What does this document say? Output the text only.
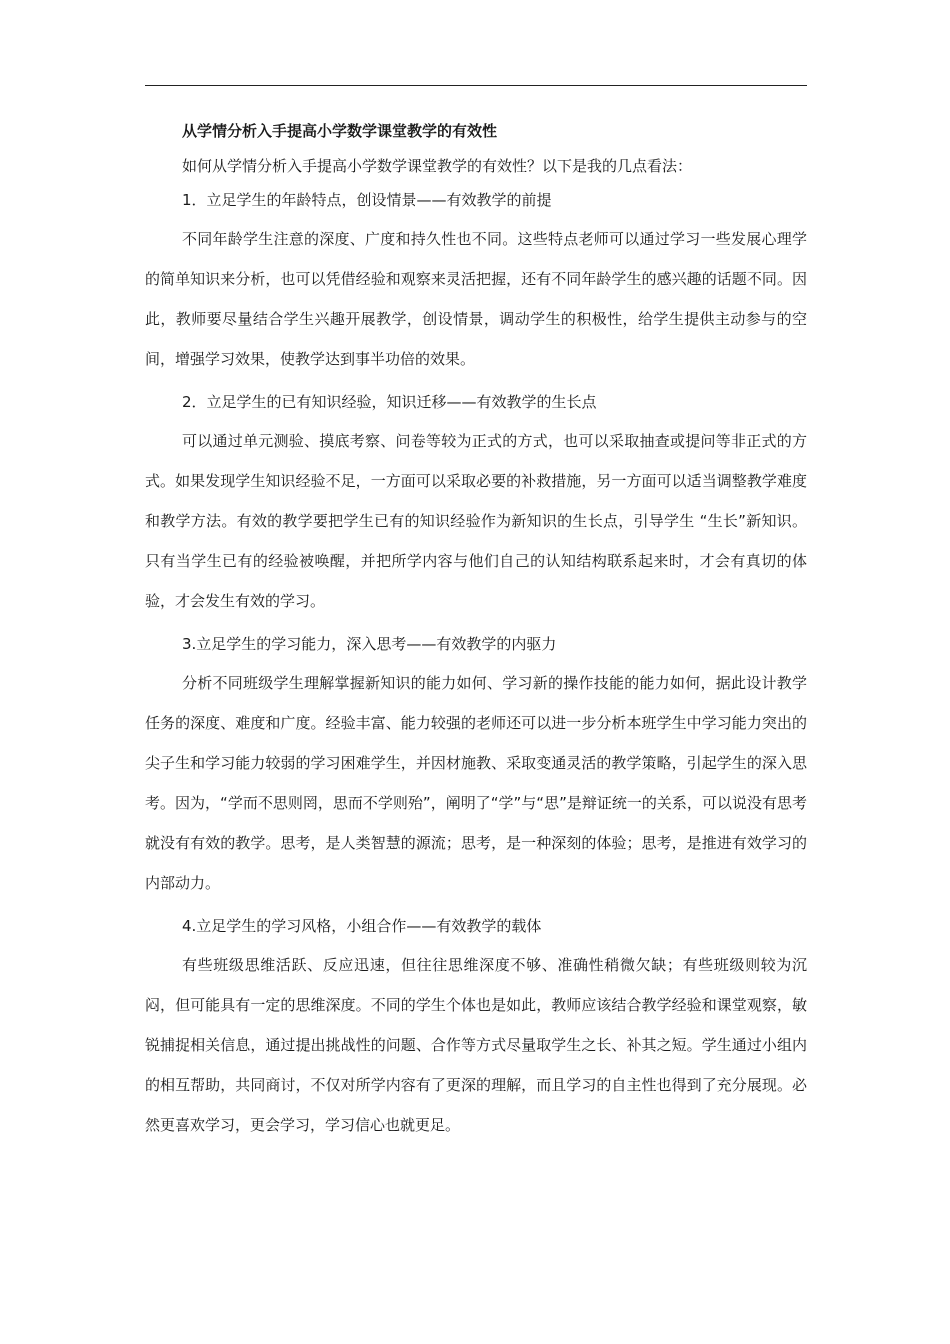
从学情分析入手提高小学数学课堂教学的有效性

如何从学情分析入手提高小学数学课堂教学的有效性？以下是我的几点看法：

1．立足学生的年龄特点，创设情景——有效教学的前提

不同年龄学生注意的深度、广度和持久性也不同。这些特点老师可以通过学习一些发展心理学的简单知识来分析，也可以凭借经验和观察来灵活把握，还有不同年龄学生的感兴趣的话题不同。因此，教师要尽量结合学生兴趣开展教学，创设情景，调动学生的积极性，给学生提供主动参与的空间，增强学习效果，使教学达到事半功倍的效果。

2．立足学生的已有知识经验，知识迁移——有效教学的生长点

可以通过单元测验、摸底考察、问卷等较为正式的方式，也可以采取抽查或提问等非正式的方式。如果发现学生知识经验不足，一方面可以采取必要的补救措施，另一方面可以适当调整教学难度和教学方法。有效的教学要把学生已有的知识经验作为新知识的生长点，引导学生 “生长”新知识。只有当学生已有的经验被唤醒，并把所学内容与他们自己的认知结构联系起来时，才会有真切的体验，才会发生有效的学习。

3.立足学生的学习能力，深入思考——有效教学的内驱力

分析不同班级学生理解掌握新知识的能力如何、学习新的操作技能的能力如何，据此设计教学任务的深度、难度和广度。经验丰富、能力较强的老师还可以进一步分析本班学生中学习能力突出的尖子生和学习能力较弱的学习困难学生，并因材施教、采取变通灵活的教学策略，引起学生的深入思考。因为，“学而不思则罔，思而不学则殆”，阐明了“学”与“思”是辩证统一的关系，可以说没有思考就没有有效的教学。思考，是人类智慧的源流；思考，是一种深刻的体验；思考，是推进有效学习的内部动力。

4.立足学生的学习风格，小组合作——有效教学的载体

有些班级思维活跃、反应迅速，但往往思维深度不够、准确性稍微欠缺；有些班级则较为沉闷，但可能具有一定的思维深度。不同的学生个体也是如此，教师应该结合教学经验和课堂观察，敏锐捕捉相关信息，通过提出挑战性的问题、合作等方式尽量取学生之长、补其之短。学生通过小组内的相互帮助，共同商讨，不仅对所学内容有了更深的理解，而且学习的自主性也得到了充分展现。必然更喜欢学习，更会学习，学习信心也就更足。
